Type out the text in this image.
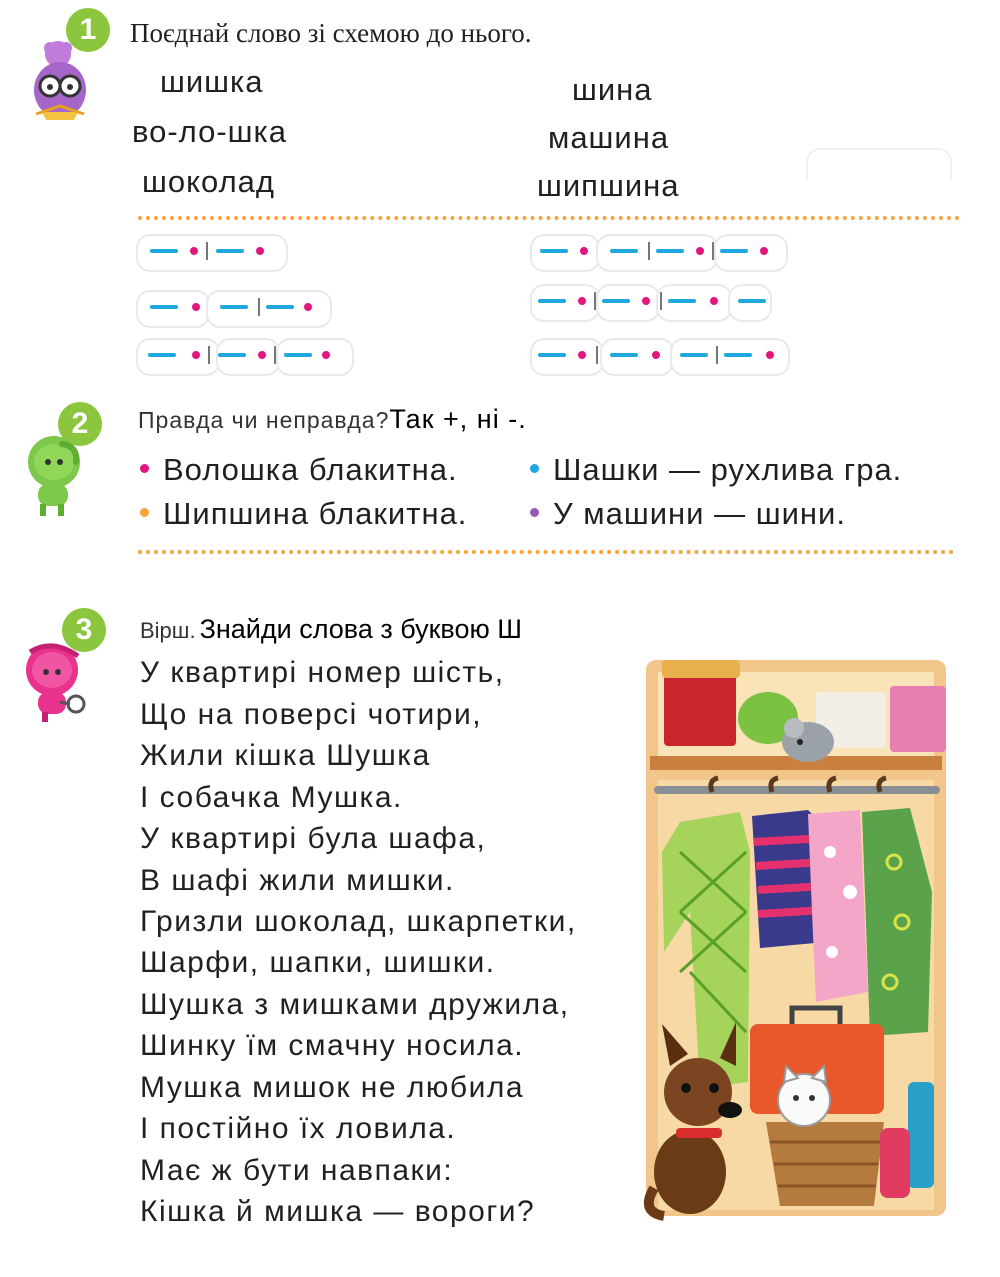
1 Поєднай слово зі схемою до нього.
шишка
во-ло-шка
шоколад
шина
машина
шипшина
2 Правда чи неправда?Так +, ні -.
Волошка блакитна.	Шашки — рухлива гра.
Шипшина блакитна.	У машини — шини.
3 Вірш. Знайди слова з буквою Ш
У квартирі номер шість,
Що на поверсі чотири,
Жили кішка Шушка
І собачка Мушка.
У квартирі була шафа,
В шафі жили мишки.
Гризли шоколад, шкарпетки,
Шарфи, шапки, шишки.
Шушка з мишками дружила,
Шинку їм смачну носила.
Мушка мишок не любила
І постійно їх ловила.
Має ж бути навпаки:
Кішка й мишка — вороги?
